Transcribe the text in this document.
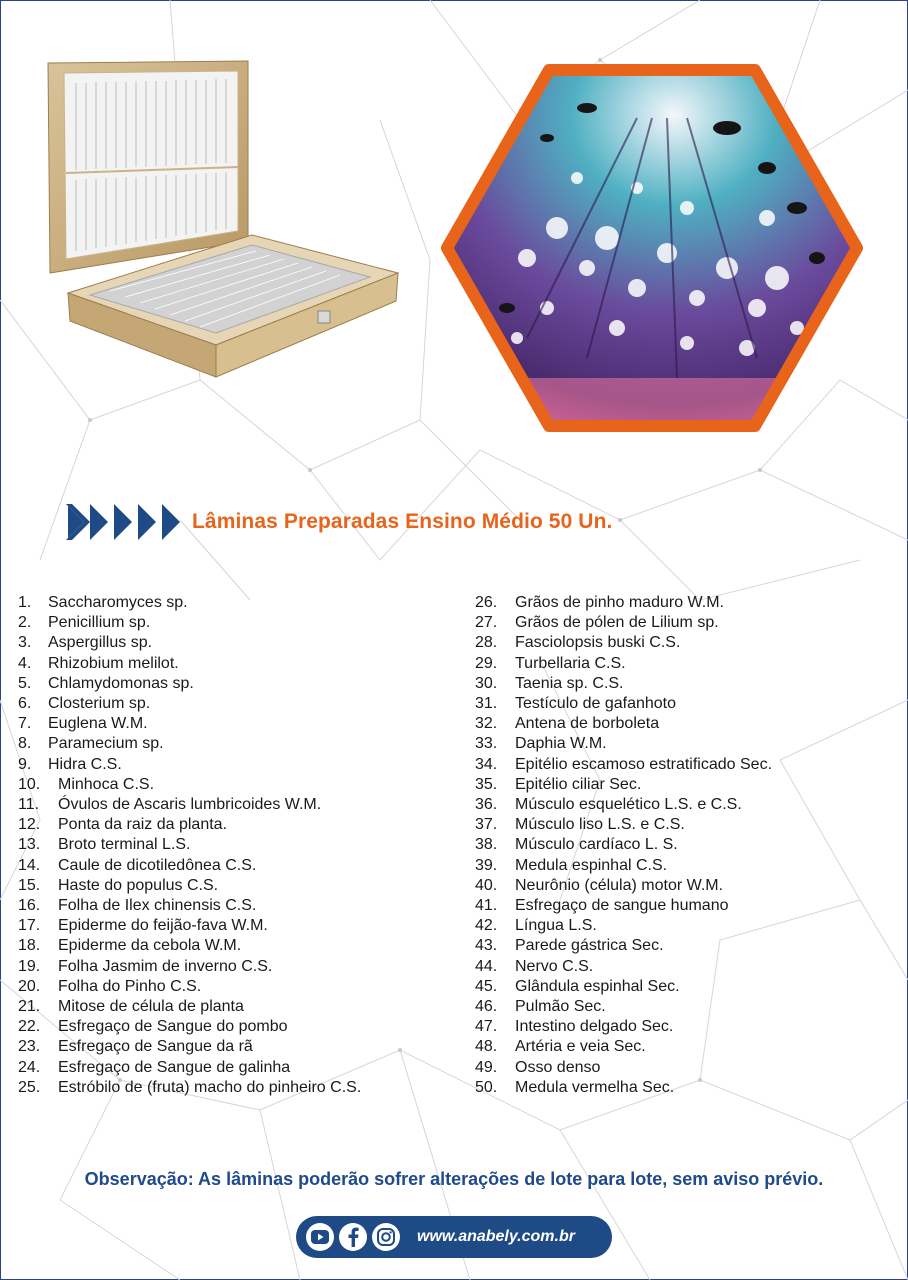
Lâminas Preparadas Ensino Médio 50 Un.
1.	Saccharomyces sp.
2.	Penicillium sp.
3.	Aspergillus sp.
4.	Rhizobium melilot.
5.	Chlamydomonas sp.
6.	Closterium sp.
7.	Euglena W.M.
8.	Paramecium sp.
9.	Hidra C.S.
10.	Minhoca C.S.
11.	Óvulos de Ascaris lumbricoides W.M.
12.	Ponta da raiz da planta.
13.	Broto terminal L.S.
14.	Caule de dicotiledônea C.S.
15.	Haste do populus C.S.
16.	Folha de Ilex chinensis C.S.
17.	Epiderme do feijão-fava W.M.
18.	Epiderme da cebola W.M.
19.	Folha Jasmim de inverno C.S.
20.	Folha do Pinho C.S.
21.	Mitose de célula de planta
22.	Esfregaço de Sangue do pombo
23.	Esfregaço de Sangue da rã
24.	Esfregaço de Sangue de galinha
25.	Estróbilo de (fruta) macho do pinheiro C.S.
26.	Grãos de pinho maduro W.M.
27.	Grãos de pólen de Lilium sp.
28.	Fasciolopsis buski C.S.
29.	Turbellaria C.S.
30.	Taenia sp. C.S.
31.	Testículo de gafanhoto
32.	Antena de borboleta
33.	Daphia W.M.
34.	Epitélio escamoso estratificado Sec.
35.	Epitélio ciliar Sec.
36.	Músculo esquelético L.S. e C.S.
37.	Músculo liso L.S. e C.S.
38.	Músculo cardíaco L. S.
39.	Medula espinhal C.S.
40.	Neurônio (célula) motor W.M.
41.	Esfregaço de sangue humano
42.	Língua L.S.
43.	Parede gástrica Sec.
44.	Nervo C.S.
45.	Glândula espinhal Sec.
46.	Pulmão Sec.
47.	Intestino delgado Sec.
48.	Artéria e veia Sec.
49.	Osso denso
50.	Medula vermelha Sec.
Observação: As lâminas poderão sofrer alterações de lote para lote, sem aviso prévio.
www.anabely.com.br
